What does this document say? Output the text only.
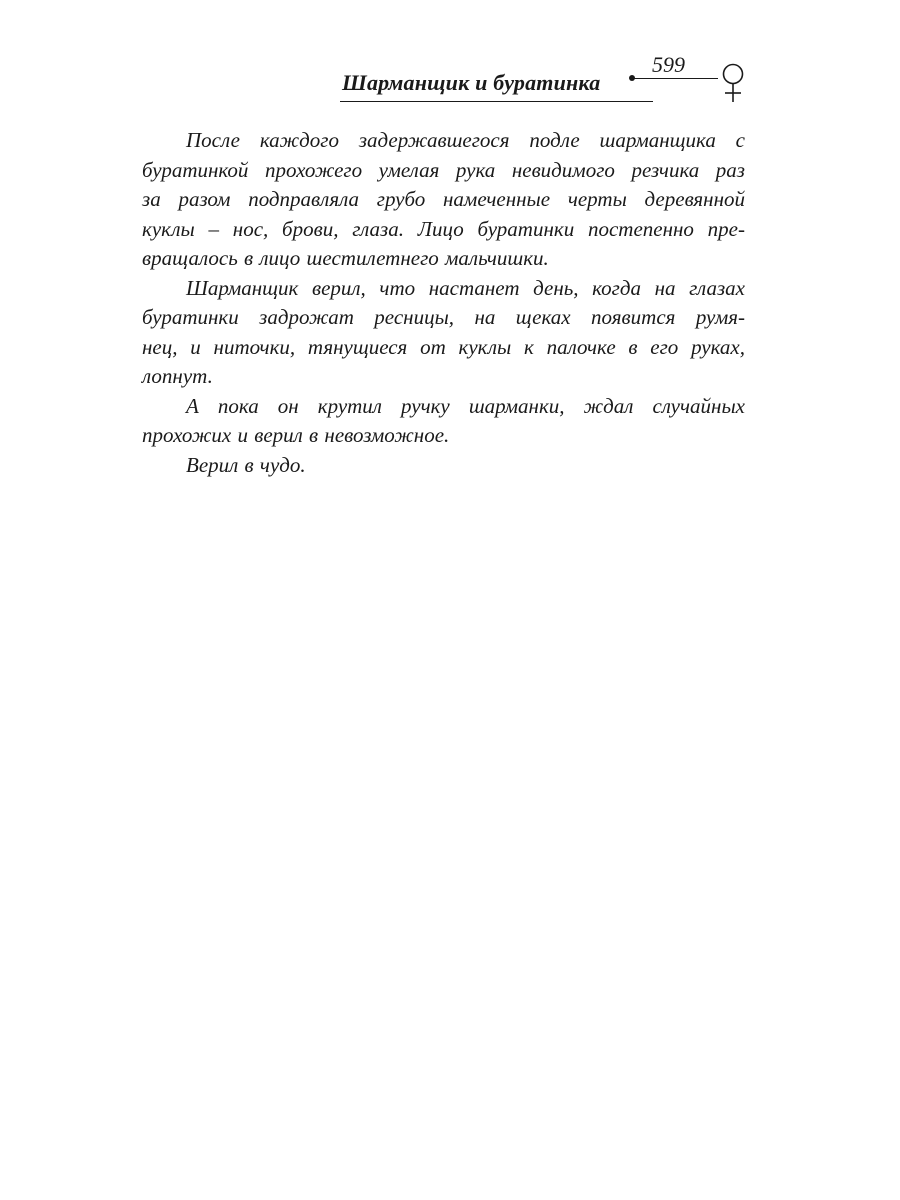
Шарманщик и буратинка
599
После каждого задержавшегося подле шарманщика с
буратинкой прохожего умелая рука невидимого резчика раз
за разом подправляла грубо намеченные черты деревянной
куклы – нос, брови, глаза. Лицо буратинки постепенно пре-
вращалось в лицо шестилетнего мальчишки.
Шарманщик верил, что настанет день, когда на глазах
буратинки задрожат ресницы, на щеках появится румя-
нец, и ниточки, тянущиеся от куклы к палочке в его руках,
лопнут.
А пока он крутил ручку шарманки, ждал случайных
прохожих и верил в невозможное.
Верил в чудо.
